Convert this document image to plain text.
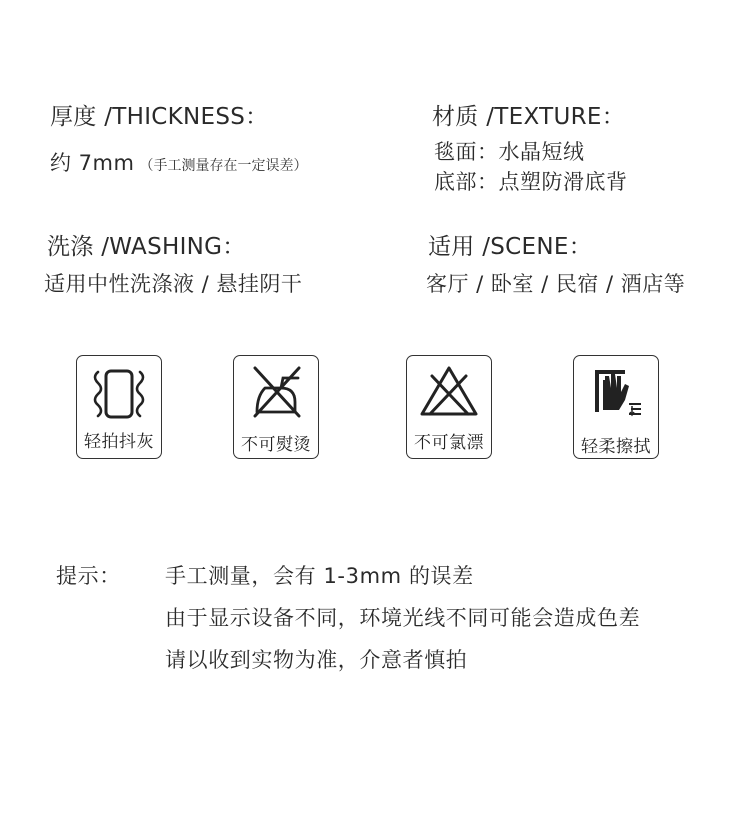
厚度 /THICKNESS：
约 7mm （手工测量存在一定误差）
材质 /TEXTURE：
毯面：水晶短绒
底部：点塑防滑底背
洗涤 /WASHING：
适用中性洗涤液 / 悬挂阴干
适用 /SCENE：
客厅 / 卧室 / 民宿 / 酒店等
轻拍抖灰	不可熨烫	不可氯漂	轻柔擦拭
提示： 手工测量，会有 1-3mm 的误差
由于显示设备不同，环境光线不同可能会造成色差
请以收到实物为准，介意者慎拍
